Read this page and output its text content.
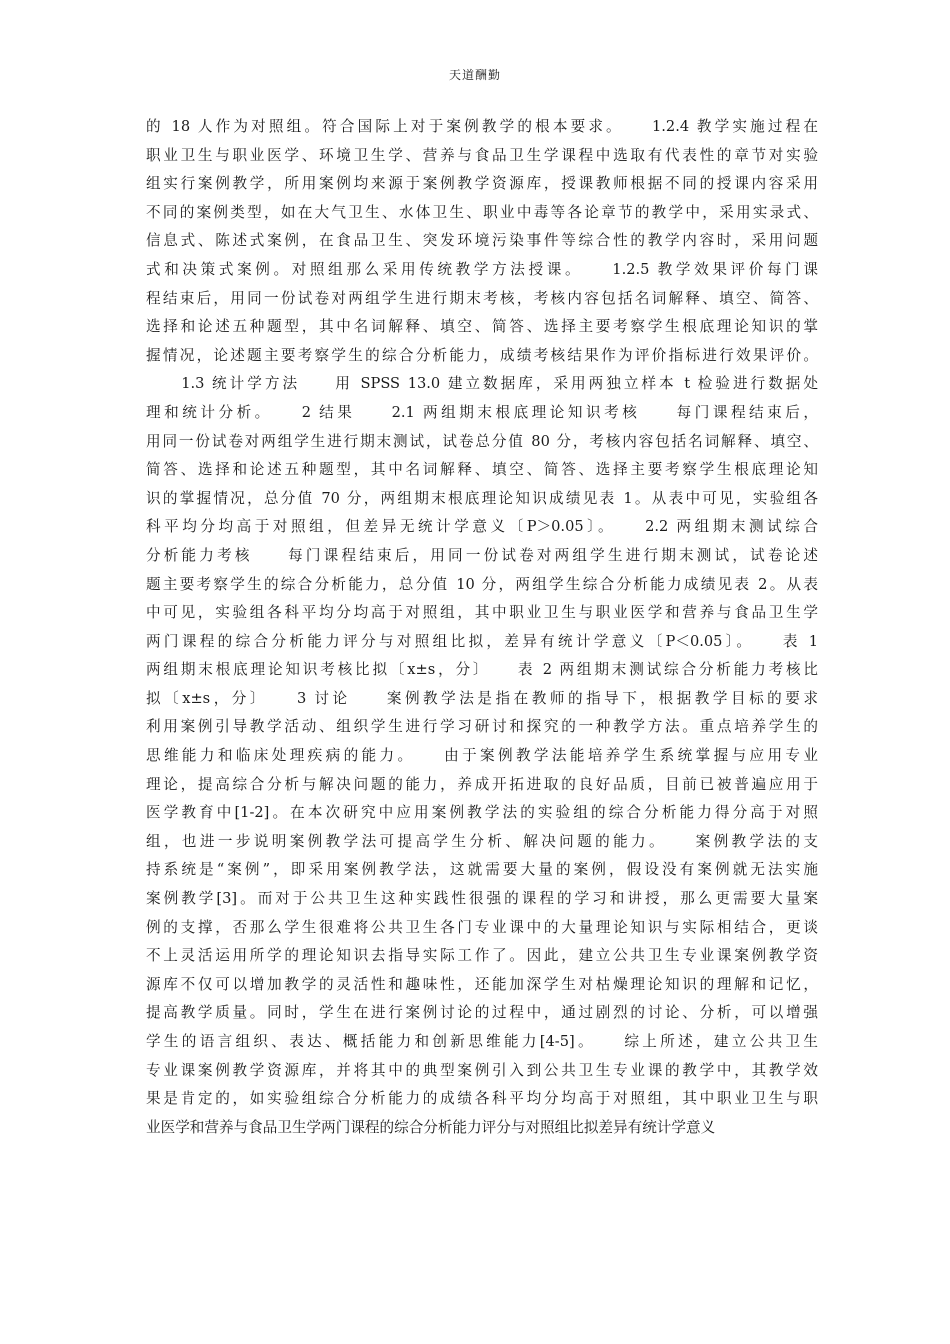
天道酬勤
的 18 人作为对照组。符合国际上对于案例教学的根本要求。　　1.2.4 教学实施过程在
职业卫生与职业医学、环境卫生学、营养与食品卫生学课程中选取有代表性的章节对实验
组实行案例教学，所用案例均来源于案例教学资源库，授课教师根据不同的授课内容采用
不同的案例类型，如在大气卫生、水体卫生、职业中毒等各论章节的教学中，采用实录式、
信息式、陈述式案例，在食品卫生、突发环境污染事件等综合性的教学内容时，采用问题
式和决策式案例。对照组那么采用传统教学方法授课。　　1.2.5 教学效果评价每门课
程结束后，用同一份试卷对两组学生进行期末考核，考核内容包括名词解释、填空、简答、
选择和论述五种题型，其中名词解释、填空、简答、选择主要考察学生根底理论知识的掌
握情况，论述题主要考察学生的综合分析能力，成绩考核结果作为评价指标进行效果评价。
　　1.3 统计学方法　　用 SPSS 13.0 建立数据库，采用两独立样本 t 检验进行数据处
理和统计分析。　　2 结果　　2.1 两组期末根底理论知识考核　　每门课程结束后，
用同一份试卷对两组学生进行期末测试，试卷总分值 80 分，考核内容包括名词解释、填空、
简答、选择和论述五种题型，其中名词解释、填空、简答、选择主要考察学生根底理论知
识的掌握情况，总分值 70 分，两组期末根底理论知识成绩见表 1。从表中可见，实验组各
科平均分均高于对照组，但差异无统计学意义〔P＞0.05〕。　　2.2 两组期末测试综合
分析能力考核　　每门课程结束后，用同一份试卷对两组学生进行期末测试，试卷论述
题主要考察学生的综合分析能力，总分值 10 分，两组学生综合分析能力成绩见表 2。从表
中可见，实验组各科平均分均高于对照组，其中职业卫生与职业医学和营养与食品卫生学
两门课程的综合分析能力评分与对照组比拟，差异有统计学意义〔P＜0.05〕。　　表 1
两组期末根底理论知识考核比拟〔x±s，分〕　　表 2 两组期末测试综合分析能力考核比
拟〔x±s，分〕　　3 讨论　　案例教学法是指在教师的指导下，根据教学目标的要求
利用案例引导教学活动、组织学生进行学习研讨和探究的一种教学方法。重点培养学生的
思维能力和临床处理疾病的能力。　　由于案例教学法能培养学生系统掌握与应用专业
理论，提高综合分析与解决问题的能力，养成开拓进取的良好品质，目前已被普遍应用于
医学教育中[1-2]。在本次研究中应用案例教学法的实验组的综合分析能力得分高于对照
组，也进一步说明案例教学法可提高学生分析、解决问题的能力。　　案例教学法的支
持系统是“案例”，即采用案例教学法，这就需要大量的案例，假设没有案例就无法实施
案例教学[3]。而对于公共卫生这种实践性很强的课程的学习和讲授，那么更需要大量案
例的支撑，否那么学生很难将公共卫生各门专业课中的大量理论知识与实际相结合，更谈
不上灵活运用所学的理论知识去指导实际工作了。因此，建立公共卫生专业课案例教学资
源库不仅可以增加教学的灵活性和趣味性，还能加深学生对枯燥理论知识的理解和记忆，
提高教学质量。同时，学生在进行案例讨论的过程中，通过剧烈的讨论、分析，可以增强
学生的语言组织、表达、概括能力和创新思维能力[4-5]。　　综上所述，建立公共卫生
专业课案例教学资源库，并将其中的典型案例引入到公共卫生专业课的教学中，其教学效
果是肯定的，如实验组综合分析能力的成绩各科平均分均高于对照组，其中职业卫生与职
业医学和营养与食品卫生学两门课程的综合分析能力评分与对照组比拟差异有统计学意义
